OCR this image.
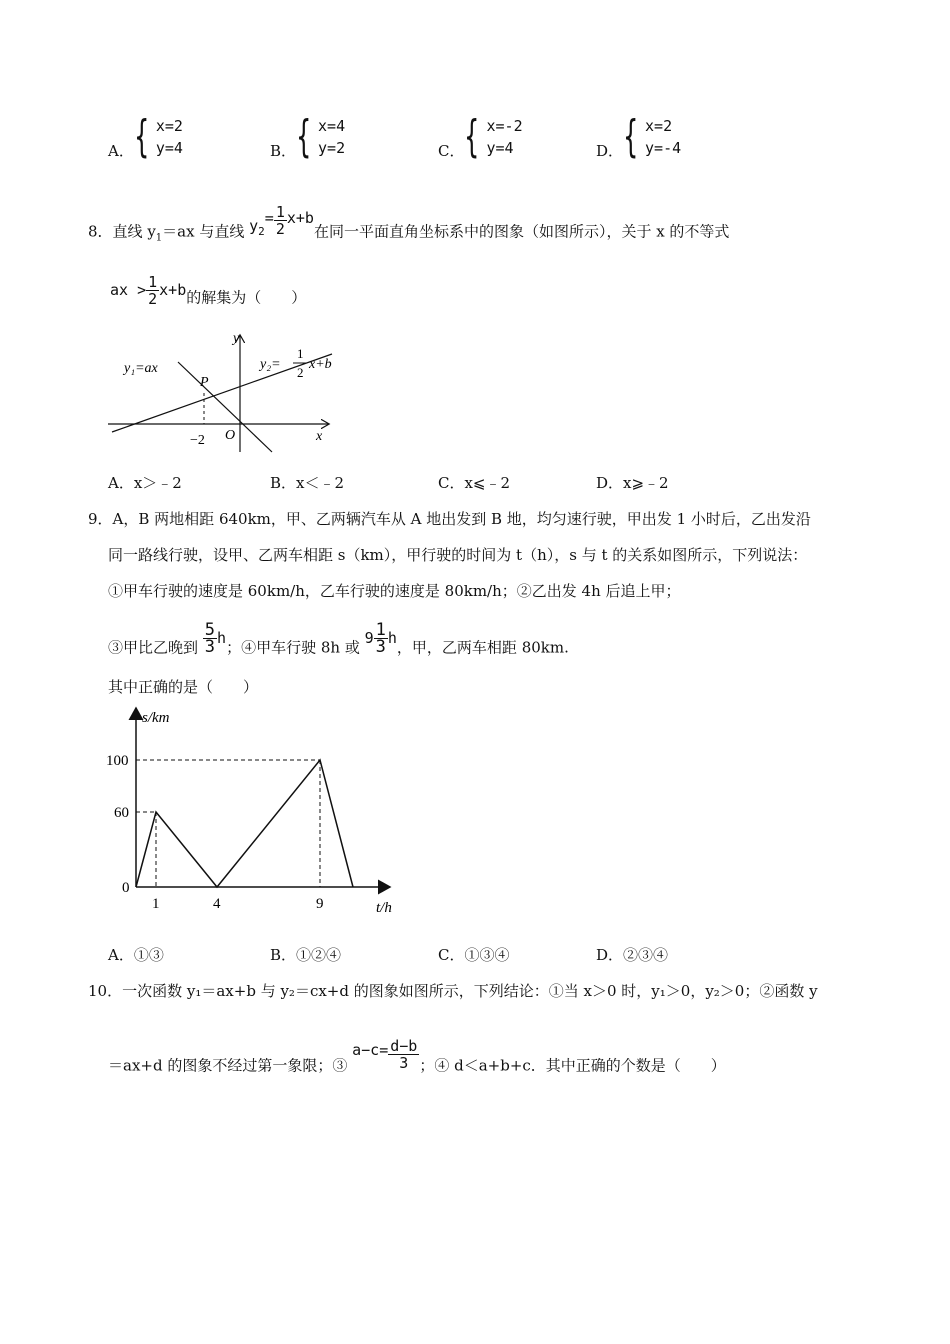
A． { x=2
y=4	B． { x=4
y=2	C． { x=-2
y=4	D． { x=2
y=-4
8．直线 $y_1=ax$ 与直线 $y_2= \frac{1}{2} x+b$在同一平面直角坐标系中的图象（如图所示），关于 x 的不等式
ax > $\frac{1}{2} x+b$的解集为（　　）
y
x
O
P
−2
y₁=ax	y₂=
1
2
x+b
A．x＞﹣2	B．x＜﹣2	C．x⩽﹣2	D．x⩾﹣2
9．A，B 两地相距 640km，甲、乙两辆汽车从 A 地出发到 B 地，均匀速行驶，甲出发 1 小时后，乙出发沿
同一路线行驶，设甲、乙两车相距 s（km），甲行驶的时间为 t（h），s 与 t 的关系如图所示，下列说法：
①甲车行驶的速度是 60km/h，乙车行驶的速度是 80km/h；②乙出发 4h 后追上甲；
③甲比乙晚到 $\frac{5}{3}$ h；④甲车行驶 8h 或 $9 \frac{1}{3}$ h，甲，乙两车相距 80km.
其中正确的是（　　）
s/km
t/h
0
100
60
1	4	9
A．①③	B．①②④	C．①③④	D．②③④
10．一次函数 y₁＝ax+b 与 y₂＝cx+d 的图象如图所示，下列结论：①当 x＞0 时，y₁＞0，y₂＞0；②函数 y
＝ax+d 的图象不经过第一象限；③ $a-c= \frac{d-b}{3}$ ；④ d＜a+b+c．其中正确的个数是（　　）
